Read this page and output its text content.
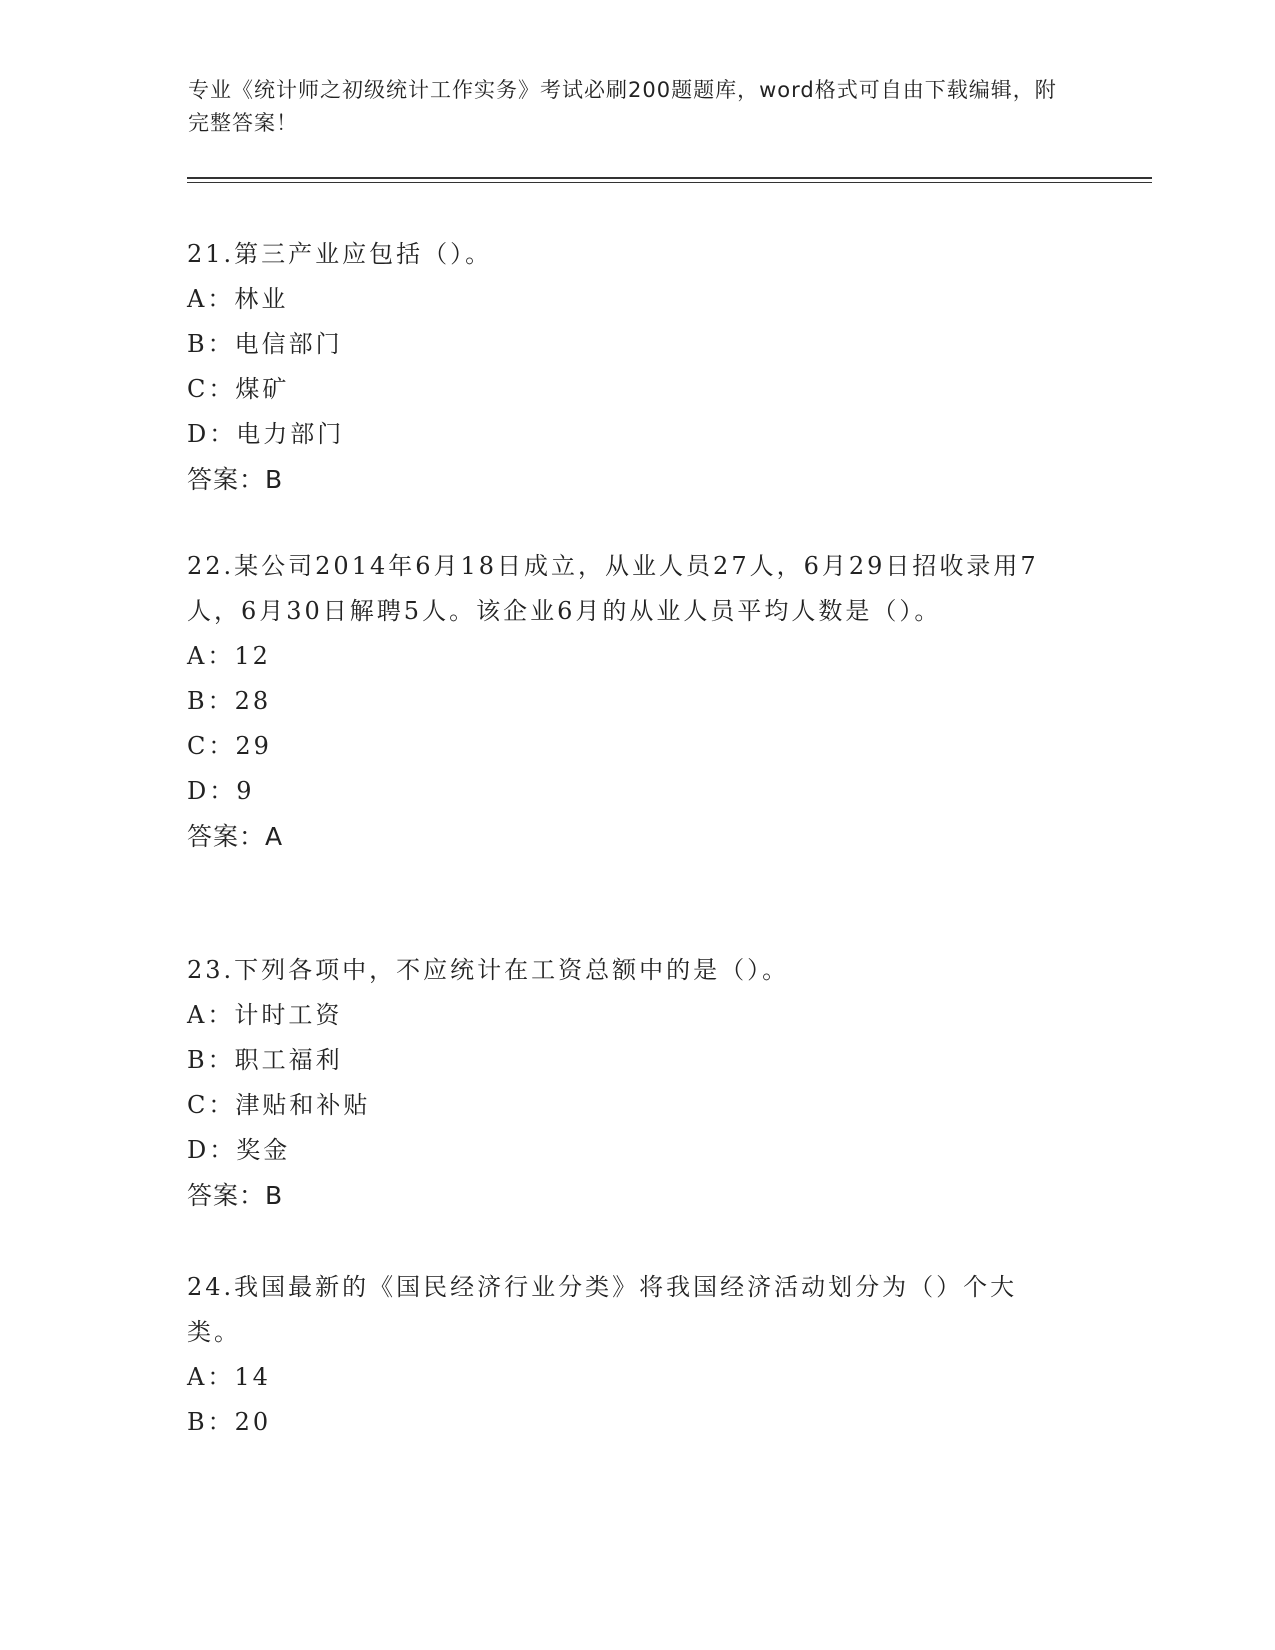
专业《统计师之初级统计工作实务》考试必刷200题题库，word格式可自由下载编辑，附完整答案！

21.第三产业应包括（）。

A：林业

B：电信部门

C：煤矿

D：电力部门

答案：B

22.某公司2014年6月18日成立，从业人员27人，6月29日招收录用7人，6月30日解聘5人。该企业6月的从业人员平均人数是（）。

A：12

B：28

C：29

D：9

答案：A

23.下列各项中，不应统计在工资总额中的是（）。

A：计时工资

B：职工福利

C：津贴和补贴

D：奖金

答案：B

24.我国最新的《国民经济行业分类》将我国经济活动划分为（）个大类。

A：14

B：20
